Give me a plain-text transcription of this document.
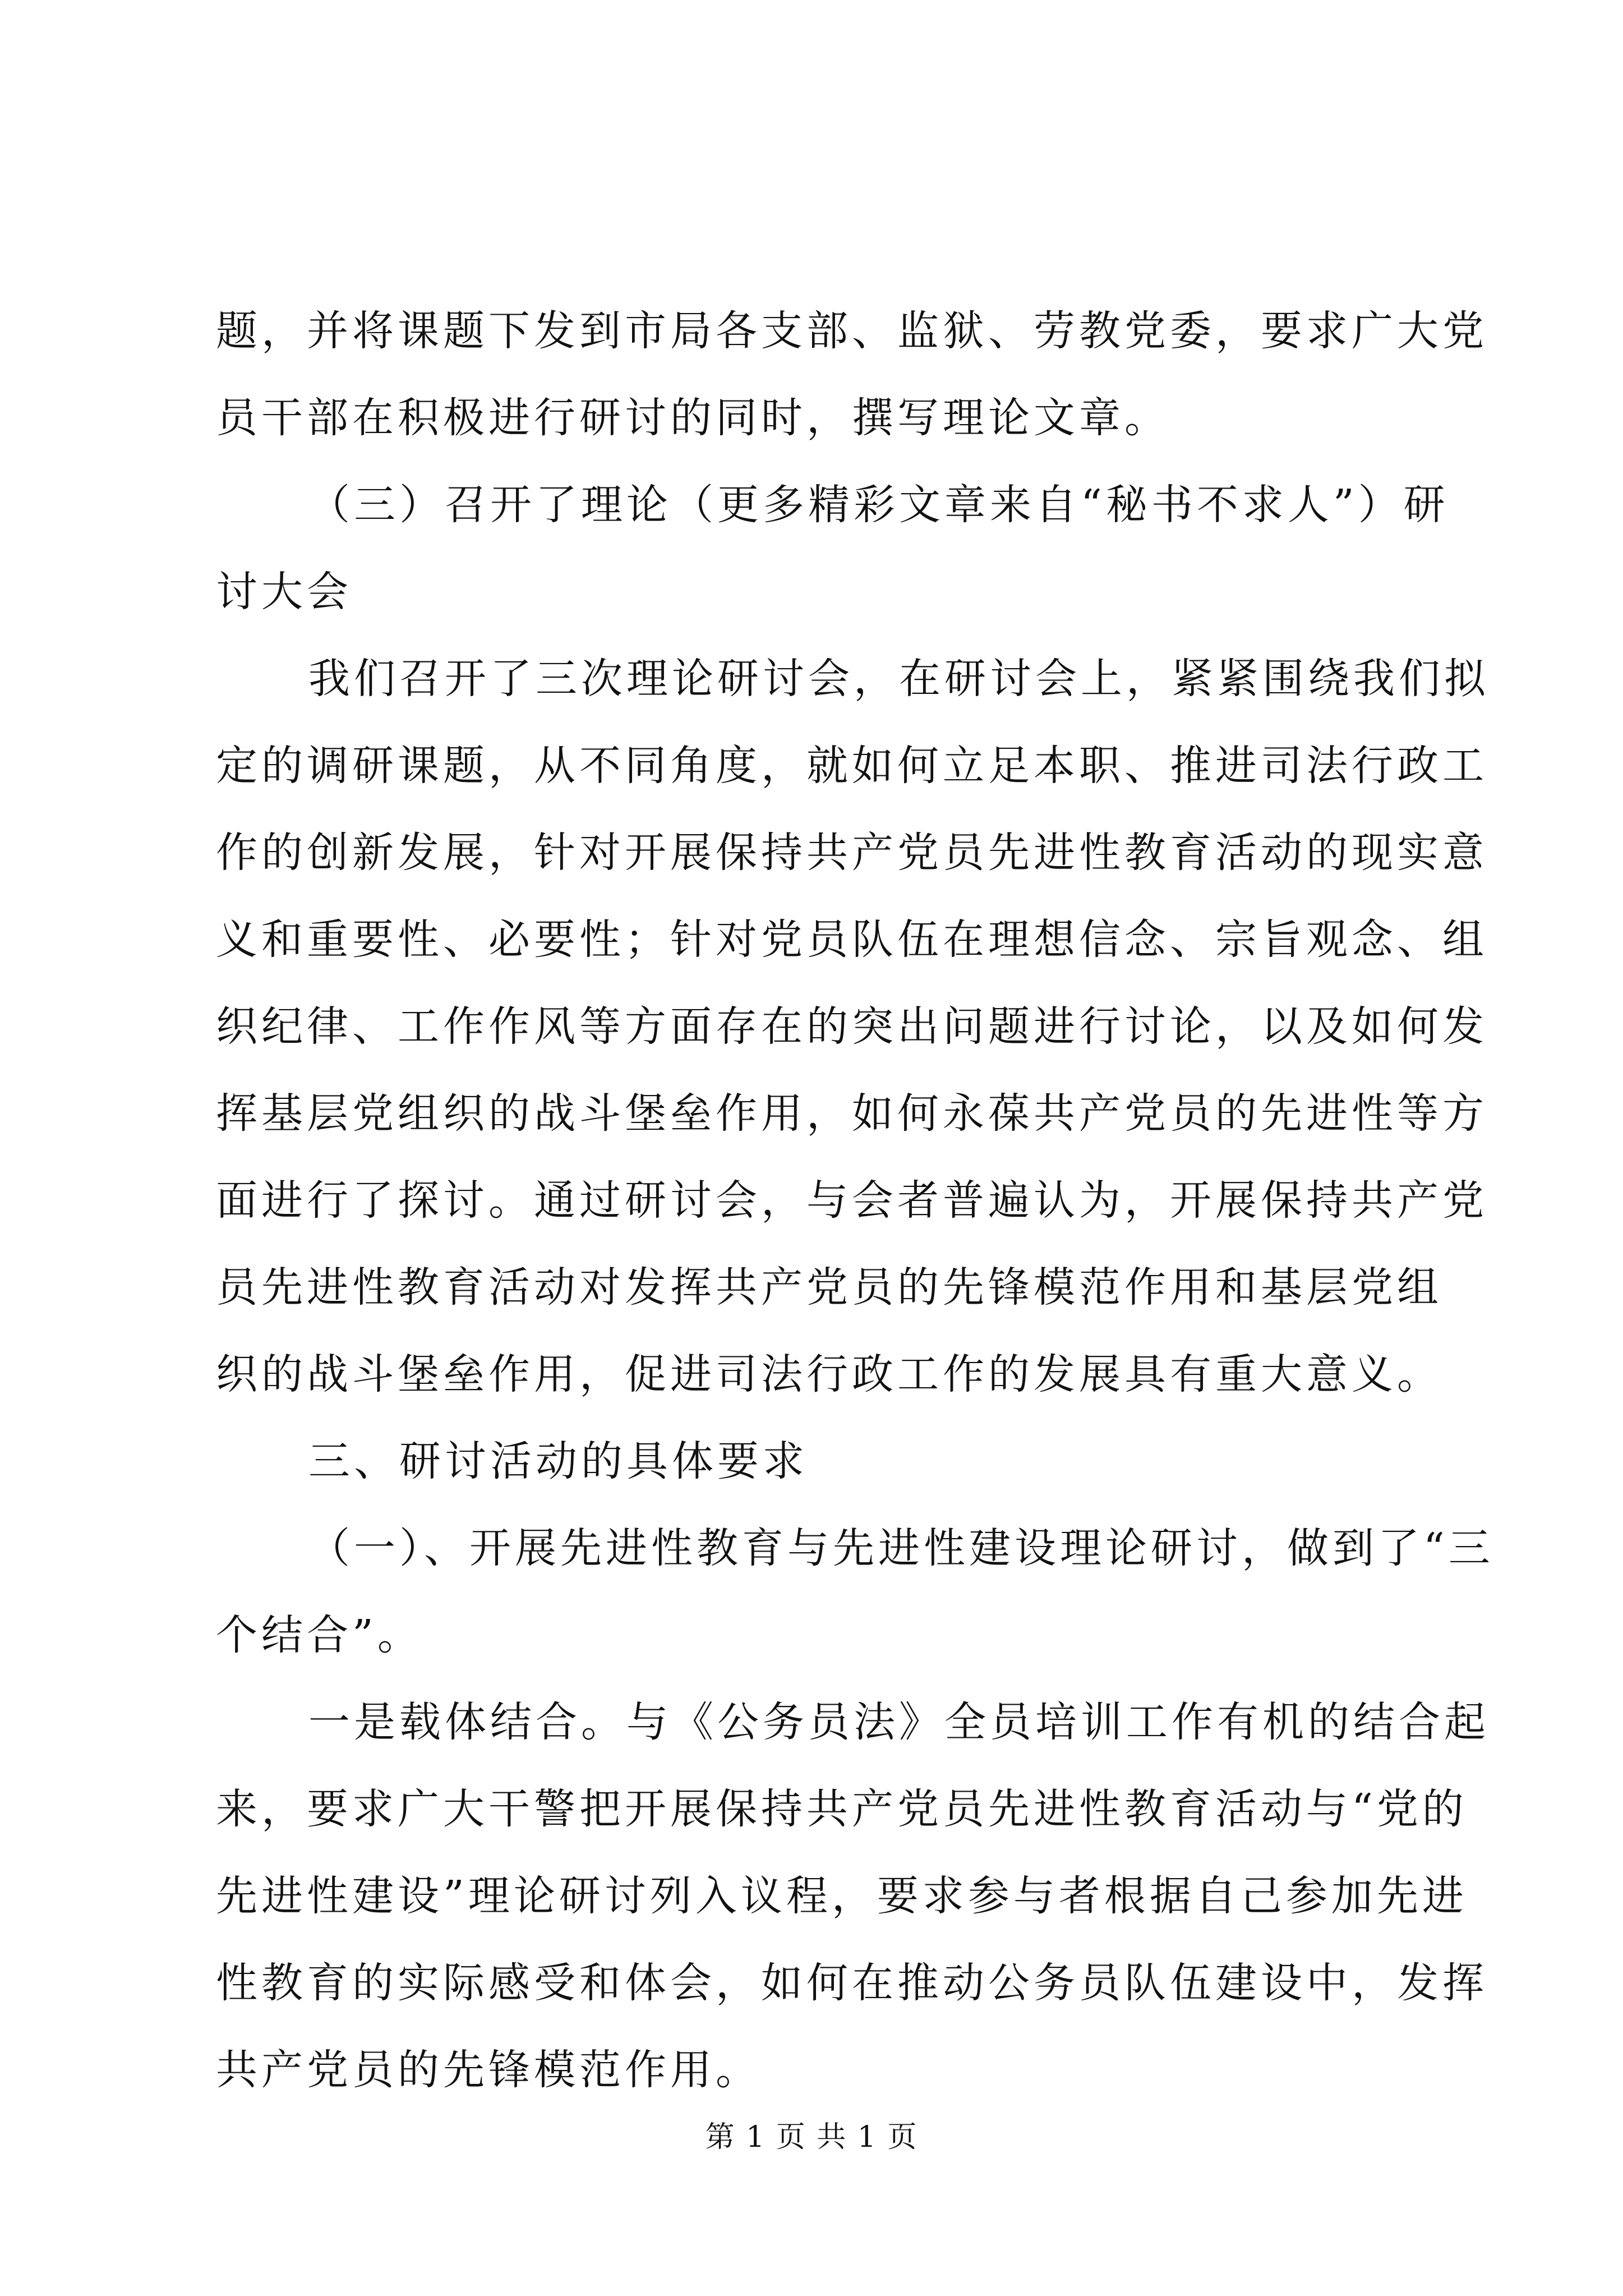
题，并将课题下发到市局各支部、监狱、劳教党委，要求广大党
员干部在积极进行研讨的同时，撰写理论文章。
（三）召开了理论（更多精彩文章来自“秘书不求人”）研
讨大会
我们召开了三次理论研讨会，在研讨会上，紧紧围绕我们拟
定的调研课题，从不同角度，就如何立足本职、推进司法行政工
作的创新发展，针对开展保持共产党员先进性教育活动的现实意
义和重要性、必要性；针对党员队伍在理想信念、宗旨观念、组
织纪律、工作作风等方面存在的突出问题进行讨论，以及如何发
挥基层党组织的战斗堡垒作用，如何永葆共产党员的先进性等方
面进行了探讨。通过研讨会，与会者普遍认为，开展保持共产党
员先进性教育活动对发挥共产党员的先锋模范作用和基层党组
织的战斗堡垒作用，促进司法行政工作的发展具有重大意义。
三、研讨活动的具体要求
（一）、开展先进性教育与先进性建设理论研讨，做到了“三
个结合”。
一是载体结合。与《公务员法》全员培训工作有机的结合起
来，要求广大干警把开展保持共产党员先进性教育活动与“党的
先进性建设”理论研讨列入议程，要求参与者根据自己参加先进
性教育的实际感受和体会，如何在推动公务员队伍建设中，发挥
共产党员的先锋模范作用。
第 1 页 共 1 页
